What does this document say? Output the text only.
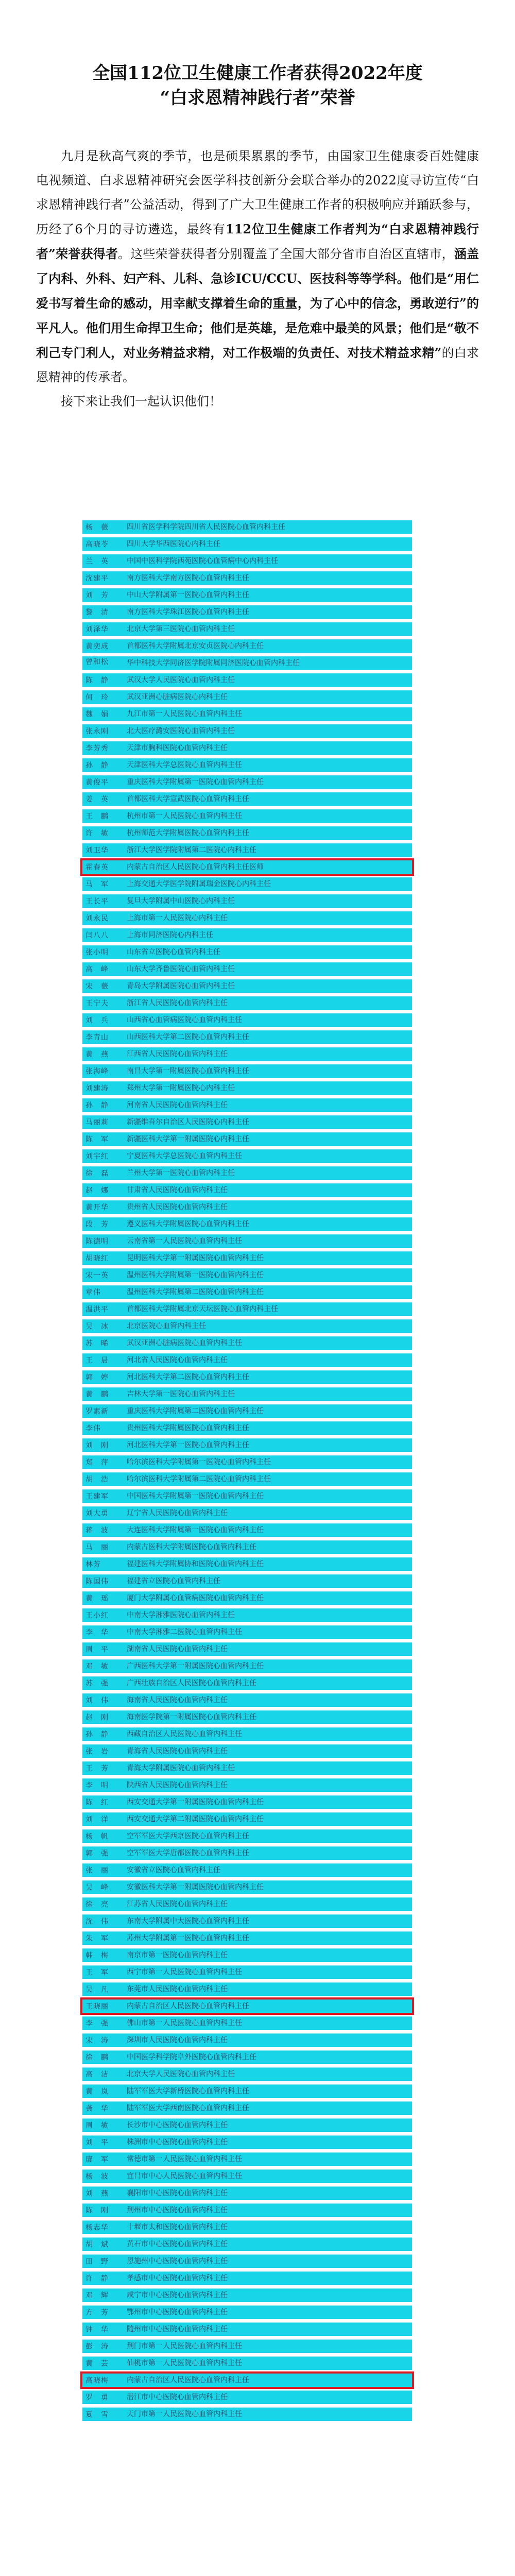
全国112位卫生健康工作者获得2022年度
“白求恩精神践行者”荣誉

九月是秋高气爽的季节，也是硕果累累的季节，由国家卫生健康委百姓健康电视频道、白求恩精神研究会医学科技创新分会联合举办的2022度寻访宣传“白求恩精神践行者”公益活动，得到了广大卫生健康工作者的积极响应并踊跃参与，历经了6个月的寻访遴选，最终有112位卫生健康工作者判为“白求恩精神践行者”荣誉获得者。这些荣誉获得者分别覆盖了全国大部分省市自治区直辖市，涵盖了内科、外科、妇产科、儿科、急诊ICU/CCU、医技科等等学科。他们是“用仁爱书写着生命的感动，用幸献支撑着生命的重量，为了心中的信念，勇敢逆行”的平凡人。他们用生命捍卫生命；他们是英雄，是危难中最美的风景；他们是“敬不利己专门利人，对业务精益求精，对工作极端的负责任、对技术精益求精”的白求恩精神的传承者。

接下来让我们一起认识他们！

杨　薇	四川省医学科学院四川省人民医院心血管内科主任
高晓苓	四川大学华西医院心内科主任
兰　英	中国中医科学院西苑医院心血管病中心内科主任
沈建平	南方医科大学南方医院心血管内科主任
刘　芳	中山大学附属第一医院心血管内科主任
黎　清	南方医科大学珠江医院心血管内科主任
刘泽华	北京大学第三医院心血管内科主任
黄奕成	首都医科大学附属北京安贞医院心内科主任
曾和松	华中科技大学同济医学院附属同济医院心血管内科主任
陈　静	武汉大学人民医院心血管内科主任
何　玲	武汉亚洲心脏病医院心内科主任
魏　娟	九江市第一人民医院心血管内科主任
张永刚	北大医疗潞安医院心血管内科主任
李芳秀	天津市胸科医院心血管内科主任
孙　静	天津医科大学总医院心血管内科主任
黄俊平	重庆医科大学附属第一医院心血管内科主任
姜　英	首都医科大学宣武医院心血管内科主任
王　鹏	杭州市第一人民医院心血管内科主任
许　敏	杭州师范大学附属医院心血管内科主任
刘卫华	浙江大学医学院附属第二医院心内科主任
霍春英	内蒙古自治区人民医院心血管内科主任医师
马　军	上海交通大学医学院附属瑞金医院心内科主任
王长平	复旦大学附属中山医院心内科主任
刘永民	上海市第一人民医院心内科主任
闫八八	上海市同济医院心内科主任
张小明	山东省立医院心血管内科主任
高　峰	山东大学齐鲁医院心血管内科主任
宋　薇	青岛大学附属医院心血管内科主任
王宁夫	浙江省人民医院心血管内科主任
刘　兵	山西省心血管病医院心血管内科主任
李青山	山西医科大学第二医院心血管内科主任
黄　燕	江西省人民医院心血管内科主任
张海峰	南昌大学第一附属医院心血管内科主任
刘建涛	郑州大学第一附属医院心内科主任
孙　静	河南省人民医院心血管内科主任
马丽莉	新疆维吾尔自治区人民医院心内科主任
陈　军	新疆医科大学第一附属医院心内科主任
刘宇红	宁夏医科大学总医院心血管内科主任
徐　磊	兰州大学第一医院心血管内科主任
赵　娜	甘肃省人民医院心血管内科主任
黄开华	贵州省人民医院心血管内科主任
段　芳	遵义医科大学附属医院心血管内科主任
陈德明	云南省第一人民医院心血管内科主任
胡晓红	昆明医科大学第一附属医院心血管内科主任
宋一英	温州医科大学附属第一医院心血管内科主任
章伟	温州医科大学附属第二医院心血管内科主任
温洪平	首都医科大学附属北京天坛医院心血管内科主任
吴　冰	北京医院心血管内科主任
苏　晞	武汉亚洲心脏病医院心血管内科主任
王　晨	河北省人民医院心血管内科主任
郭　婷	河北医科大学第二医院心血管内科主任
黄　鹏	吉林大学第一医院心血管内科主任
罗素新	重庆医科大学附属第二医院心血管内科主任
李伟	贵州医科大学附属医院心血管内科主任
刘　刚	河北医科大学第一医院心血管内科主任
郑　萍	哈尔滨医科大学附属第一医院心血管内科主任
胡　浩	哈尔滨医科大学附属第二医院心血管内科主任
王建军	中国医科大学附属第一医院心血管内科主任
刘大勇	辽宁省人民医院心血管内科主任
蒋　波	大连医科大学附属第一医院心血管内科主任
马　丽	内蒙古医科大学附属医院心血管内科主任
林芳	福建医科大学附属协和医院心血管内科主任
陈国伟	福建省立医院心血管内科主任
黄　瑶	厦门大学附属心血管病医院心血管内科主任
王小红	中南大学湘雅医院心血管内科主任
李　华	中南大学湘雅二医院心血管内科主任
周　平	湖南省人民医院心血管内科主任
邓　敏	广西医科大学第一附属医院心血管内科主任
苏　强	广西壮族自治区人民医院心血管内科主任
刘　伟	海南省人民医院心血管内科主任
赵　刚	海南医学院第一附属医院心血管内科主任
孙　静	西藏自治区人民医院心血管内科主任
张　岩	青海省人民医院心血管内科主任
王　芳	青海大学附属医院心血管内科主任
李　明	陕西省人民医院心血管内科主任
陈　红	西安交通大学第一附属医院心血管内科主任
刘　洋	西安交通大学第二附属医院心血管内科主任
杨　帆	空军军医大学西京医院心血管内科主任
郭　强	空军军医大学唐都医院心血管内科主任
张　丽	安徽省立医院心血管内科主任
吴　峰	安徽医科大学第一附属医院心血管内科主任
徐　亮	江苏省人民医院心血管内科主任
沈　伟	东南大学附属中大医院心血管内科主任
朱　军	苏州大学附属第一医院心血管内科主任
韩　梅	南京市第一医院心血管内科主任
王　军	西宁市第一人民医院心血管内科主任
吴　凡	东莞市人民医院心血管内科主任
王晓丽	内蒙古自治区人民医院心血管内科主任
李　强	佛山市第一人民医院心血管内科主任
宋　涛	深圳市人民医院心血管内科主任
徐　鹏	中国医学科学院阜外医院心血管内科主任
高　洁	北京大学人民医院心血管内科主任
黄　岚	陆军军医大学新桥医院心血管内科主任
龚　华	陆军军医大学西南医院心血管内科主任
周　敏	长沙市中心医院心血管内科主任
刘　平	株洲市中心医院心血管内科主任
廖　军	常德市第一人民医院心血管内科主任
杨　波	宜昌市中心人民医院心血管内科主任
刘　燕	襄阳市中心医院心血管内科主任
陈　刚	荆州市中心医院心血管内科主任
杨志华	十堰市太和医院心血管内科主任
胡　斌	黄石市中心医院心血管内科主任
田　野	恩施州中心医院心血管内科主任
许　静	孝感市中心医院心血管内科主任
邓　辉	咸宁市中心医院心血管内科主任
方　芳	鄂州市中心医院心血管内科主任
钟　华	随州市中心医院心血管内科主任
彭　涛	荆门市第一人民医院心血管内科主任
黄　芸	仙桃市第一人民医院心血管内科主任
高晓梅	内蒙古自治区人民医院心血管内科主任
罗　勇	潜江市中心医院心血管内科主任
夏　雪	天门市第一人民医院心血管内科主任
